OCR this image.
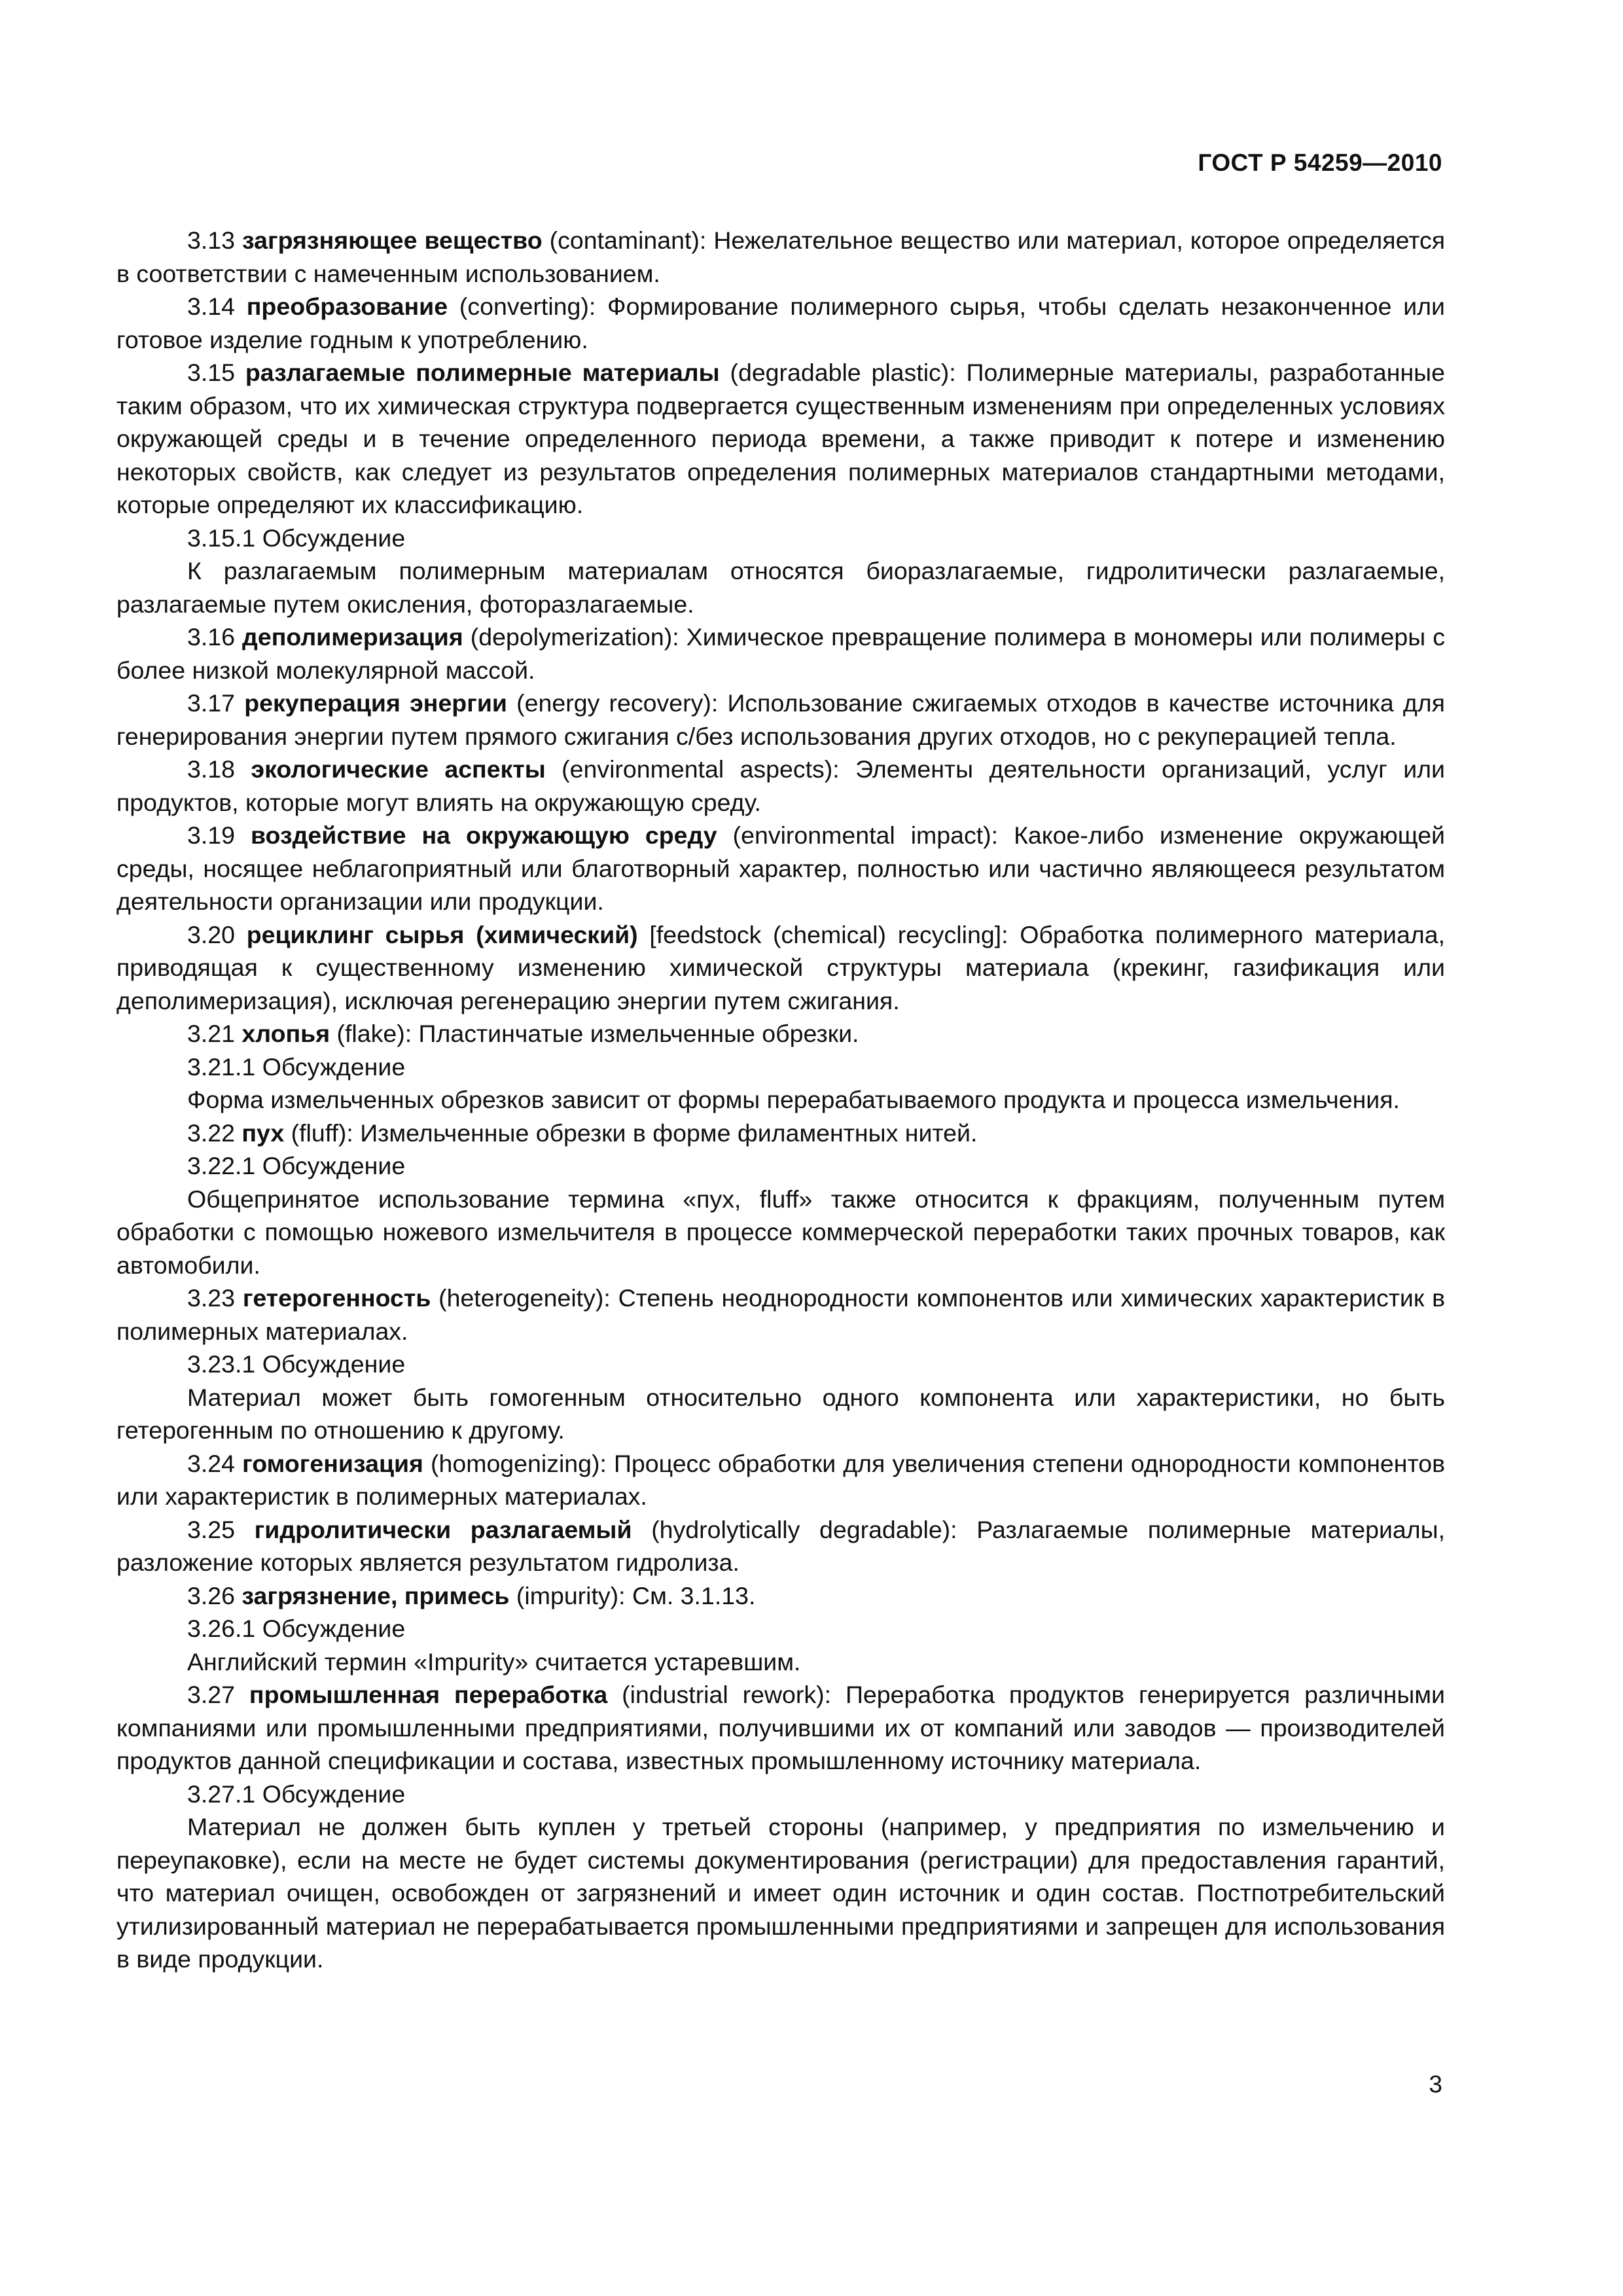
ГОСТ Р 54259—2010

3.13 загрязняющее вещество (contaminant): Нежелательное вещество или материал, которое определяется в соответствии с намеченным использованием.

3.14 преобразование (converting): Формирование полимерного сырья, чтобы сделать незаконченное или готовое изделие годным к употреблению.

3.15 разлагаемые полимерные материалы (degradable plastic): Полимерные материалы, разработанные таким образом, что их химическая структура подвергается существенным изменениям при определенных условиях окружающей среды и в течение определенного периода времени, а также приводит к потере и изменению некоторых свойств, как следует из результатов определения полимерных материалов стандартными методами, которые определяют их классификацию.

3.15.1 Обсуждение

К разлагаемым полимерным материалам относятся биоразлагаемые, гидролитически разлагаемые, разлагаемые путем окисления, фоторазлагаемые.

3.16 деполимеризация (depolymerization): Химическое превращение полимера в мономеры или полимеры с более низкой молекулярной массой.

3.17 рекуперация энергии (energy recovery): Использование сжигаемых отходов в качестве источника для генерирования энергии путем прямого сжигания с/без использования других отходов, но с рекуперацией тепла.

3.18 экологические аспекты (environmental aspects): Элементы деятельности организаций, услуг или продуктов, которые могут влиять на окружающую среду.

3.19 воздействие на окружающую среду (environmental impact): Какое-либо изменение окружающей среды, носящее неблагоприятный или благотворный характер, полностью или частично являющееся результатом деятельности организации или продукции.

3.20 рециклинг сырья (химический) [feedstock (chemical) recycling]: Обработка полимерного материала, приводящая к существенному изменению химической структуры материала (крекинг, газификация или деполимеризация), исключая регенерацию энергии путем сжигания.

3.21 хлопья (flake): Пластинчатые измельченные обрезки.

3.21.1 Обсуждение

Форма измельченных обрезков зависит от формы перерабатываемого продукта и процесса измельчения.

3.22 пух (fluff): Измельченные обрезки в форме филаментных нитей.

3.22.1 Обсуждение

Общепринятое использование термина «пух, fluff» также относится к фракциям, полученным путем обработки с помощью ножевого измельчителя в процессе коммерческой переработки таких прочных товаров, как автомобили.

3.23 гетерогенность (heterogeneity): Степень неоднородности компонентов или химических характеристик в полимерных материалах.

3.23.1 Обсуждение

Материал может быть гомогенным относительно одного компонента или характеристики, но быть гетерогенным по отношению к другому.

3.24 гомогенизация (homogenizing): Процесс обработки для увеличения степени однородности компонентов или характеристик в полимерных материалах.

3.25 гидролитически разлагаемый (hydrolytically degradable): Разлагаемые полимерные материалы, разложение которых является результатом гидролиза.

3.26 загрязнение, примесь (impurity): См. 3.1.13.

3.26.1 Обсуждение

Английский термин «Impurity» считается устаревшим.

3.27 промышленная переработка (industrial rework): Переработка продуктов генерируется различными компаниями или промышленными предприятиями, получившими их от компаний или заводов — производителей продуктов данной спецификации и состава, известных промышленному источнику материала.

3.27.1 Обсуждение

Материал не должен быть куплен у третьей стороны (например, у предприятия по измельчению и переупаковке), если на месте не будет системы документирования (регистрации) для предоставления гарантий, что материал очищен, освобожден от загрязнений и имеет один источник и один состав. Постпотребительский утилизированный материал не перерабатывается промышленными предприятиями и запрещен для использования в виде продукции.

3
